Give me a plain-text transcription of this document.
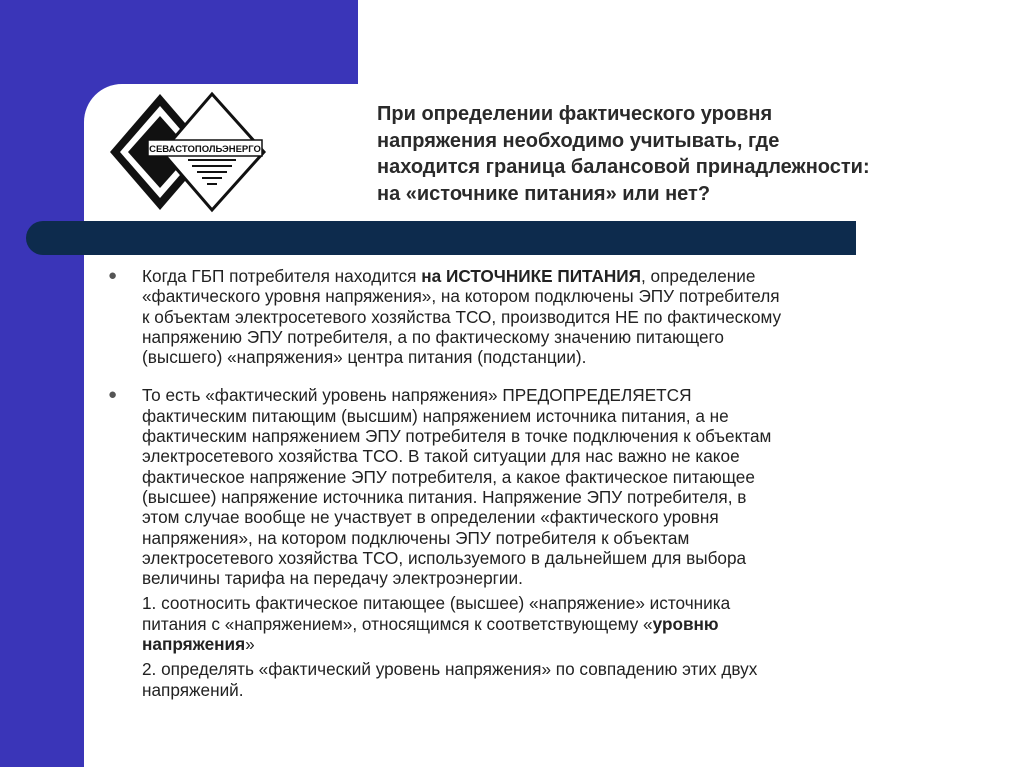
СЕВАСТОПОЛЬЭНЕРГО
При определении фактического уровня
напряжения необходимо учитывать, где
находится граница балансовой принадлежности:
на «источнике питания» или нет?
● Когда ГБП потребителя находится на ИСТОЧНИКЕ ПИТАНИЯ, определение
«фактического уровня напряжения», на котором подключены ЭПУ потребителя
к объектам электросетевого хозяйства ТСО, производится НЕ по фактическому
напряжению ЭПУ потребителя, а по фактическому значению питающего
(высшего) «напряжения» центра питания (подстанции).
● То есть «фактический уровень напряжения» ПРЕДОПРЕДЕЛЯЕТСЯ
фактическим питающим (высшим) напряжением источника питания, а не
фактическим напряжением ЭПУ потребителя в точке подключения к объектам
электросетевого хозяйства ТСО. В такой ситуации для нас важно не какое
фактическое напряжение ЭПУ потребителя, а какое фактическое питающее
(высшее) напряжение источника питания. Напряжение ЭПУ потребителя, в
этом случае вообще не участвует в определении «фактического уровня
напряжения», на котором подключены ЭПУ потребителя к объектам
электросетевого хозяйства ТСО, используемого в дальнейшем для выбора
величины тарифа на передачу электроэнергии.
1. соотносить фактическое питающее (высшее) «напряжение» источника
питания с «напряжением», относящимся к соответствующему «уровню
напряжения»
2. определять «фактический уровень напряжения» по совпадению этих двух
напряжений.
